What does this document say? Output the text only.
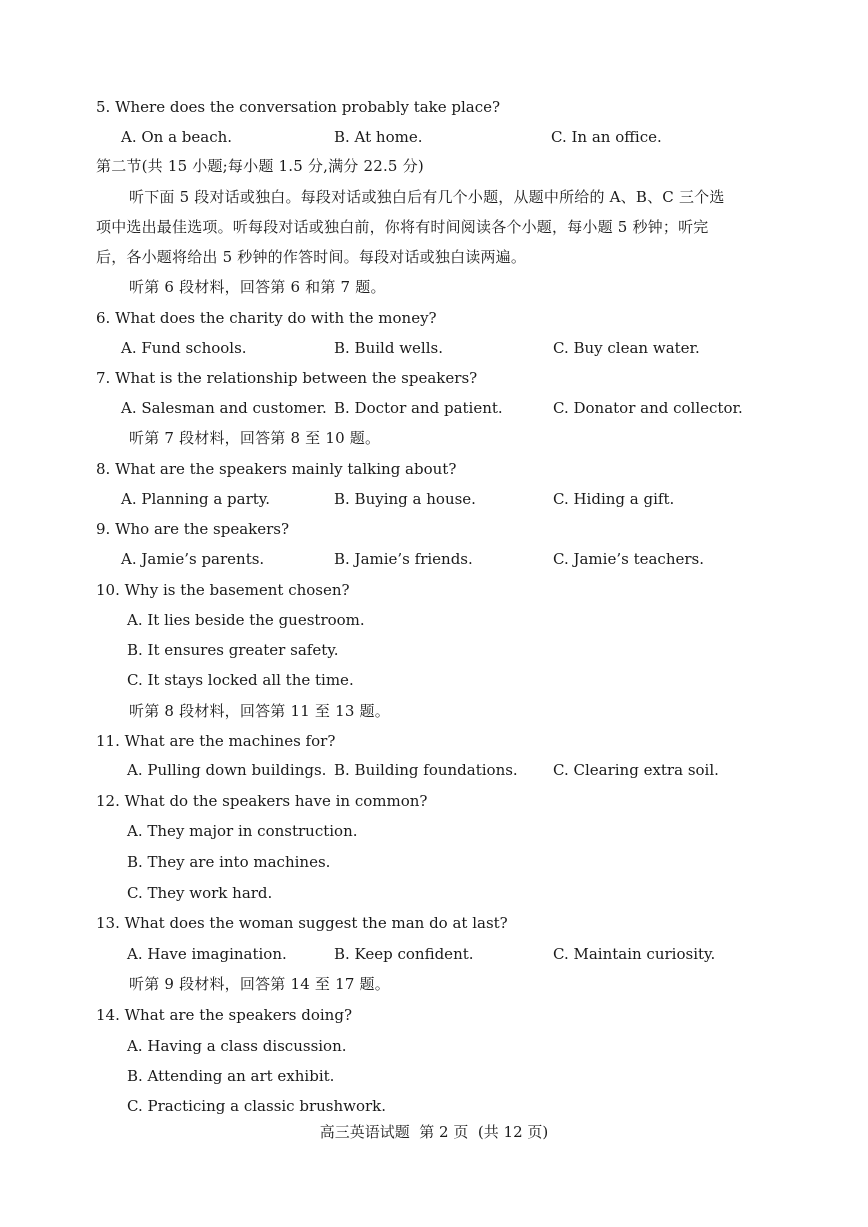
5. Where does the conversation probably take place?
A. On a beach.	B. At home.	C. In an office.
第二节(共 15 小题;每小题 1.5 分,满分 22.5 分)
听下面 5 段对话或独白。每段对话或独白后有几个小题，从题中所给的 A、B、C 三个选
项中选出最佳选项。听每段对话或独白前，你将有时间阅读各个小题，每小题 5 秒钟；听完
后，各小题将给出 5 秒钟的作答时间。每段对话或独白读两遍。
听第 6 段材料，回答第 6 和第 7 题。
6. What does the charity do with the money?
A. Fund schools.	B. Build wells.	C. Buy clean water.
7. What is the relationship between the speakers?
A. Salesman and customer. B. Doctor and patient.	C. Donator and collector.
听第 7 段材料，回答第 8 至 10 题。
8. What are the speakers mainly talking about?
A. Planning a party.	B. Buying a house.	C. Hiding a gift.
9. Who are the speakers?
A. Jamie’s parents.	B. Jamie’s friends.	C. Jamie’s teachers.
10. Why is the basement chosen?
A. It lies beside the guestroom.
B. It ensures greater safety.
C. It stays locked all the time.
听第 8 段材料，回答第 11 至 13 题。
11. What are the machines for?
A. Pulling down buildings. B. Building foundations. C. Clearing extra soil.
12. What do the speakers have in common?
A. They major in construction.
B. They are into machines.
C. They work hard.
13. What does the woman suggest the man do at last?
A. Have imagination.	B. Keep confident.	C. Maintain curiosity.
听第 9 段材料，回答第 14 至 17 题。
14. What are the speakers doing?
A. Having a class discussion.
B. Attending an art exhibit.
C. Practicing a classic brushwork.
高三英语试题  第 2 页  (共 12 页)
